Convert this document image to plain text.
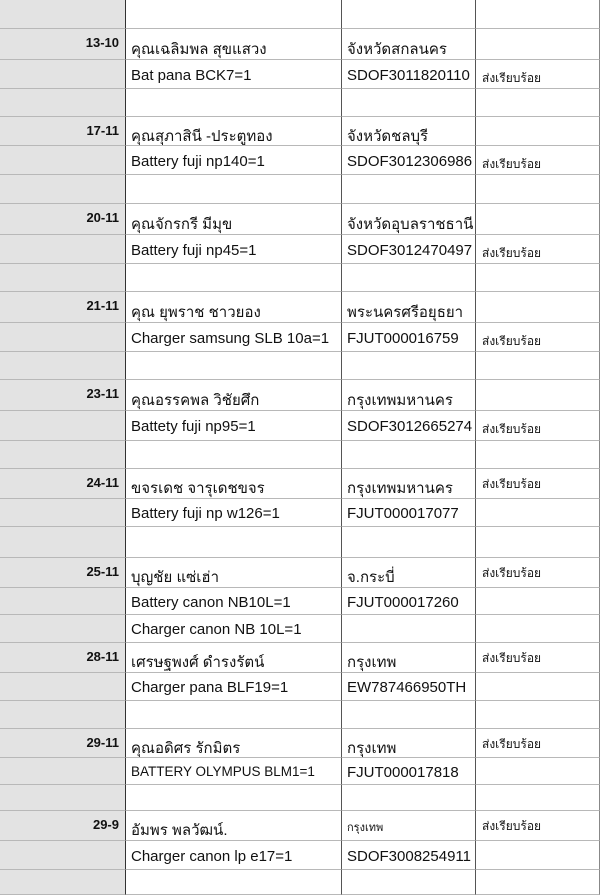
13-10 คุณเฉลิมพล สุขแสวง	จังหวัดสกลนคร
Bat pana BCK7=1	SDOF3011820110 ส่งเรียบร้อย
17-11 คุณสุภาสินี -ประตูทอง	จังหวัดชลบุรี
Battery fuji np140=1	SDOF3012306986 ส่งเรียบร้อย
20-11 คุณจักรกรี มีมุข	จังหวัดอุบลราชธานี
Battery fuji np45=1	SDOF3012470497 ส่งเรียบร้อย
21-11 คุณ ยุพราช ชาวยอง	พระนครศรีอยุธยา
Charger samsung SLB 10a=1 FJUT000016759 ส่งเรียบร้อย
23-11 คุณอรรคพล วิชัยศึก	กรุงเทพมหานคร
Battety fuji np95=1	SDOF3012665274 ส่งเรียบร้อย
24-11 ขจรเดช จารุเดชขจร	กรุงเทพมหานคร ส่งเรียบร้อย
Battery fuji np w126=1	FJUT000017077
25-11 บุญชัย แซ่เฮ่า	จ.กระบี่	ส่งเรียบร้อย
Battery canon NB10L=1	FJUT000017260
Charger canon NB 10L=1
28-11 เศรษฐพงศ์ ดำรงรัตน์	กรุงเทพ	ส่งเรียบร้อย
Charger pana BLF19=1	EW787466950TH
29-11 คุณอดิศร รักมิตร	กรุงเทพ	ส่งเรียบร้อย
BATTERY OLYMPUS BLM1=1 FJUT000017818
29-9 อัมพร พลวัฒน์.	กรุงเทพ	ส่งเรียบร้อย
Charger canon lp e17=1	SDOF3008254911
